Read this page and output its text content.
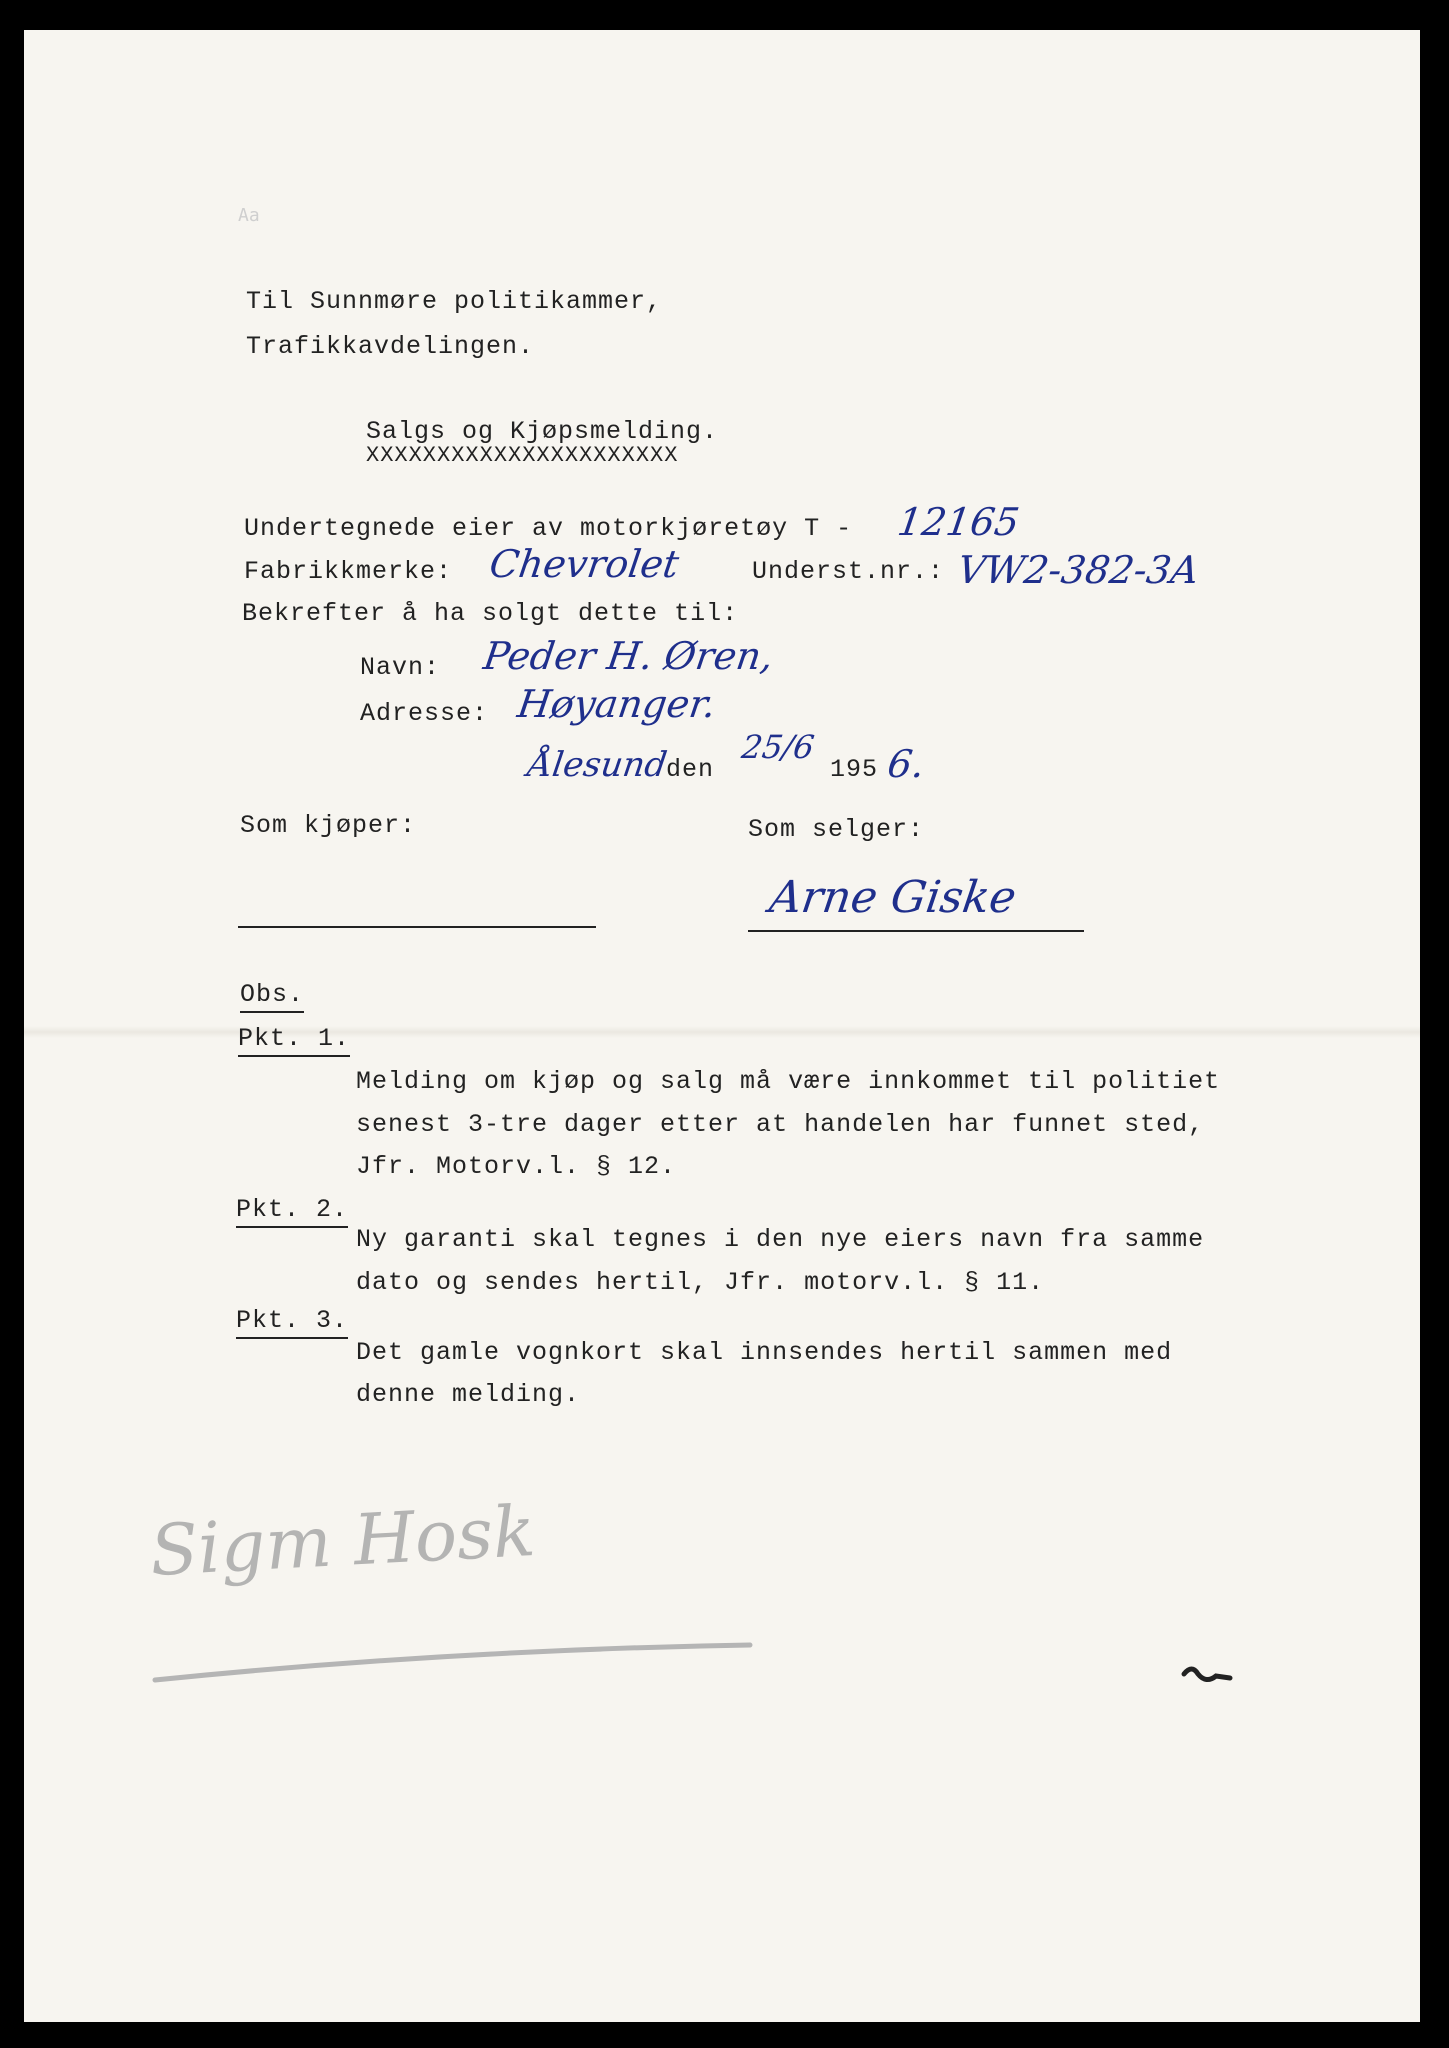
Aa
Til Sunnmøre politikammer,
Trafikkavdelingen.
Salgs og Kjøpsmelding.
XXXXXXXXXXXXXXXXXXXXXX
Undertegnede eier av motorkjøretøy T - 12165
Fabrikkmerke: Chevrolet	Underst.nr.: VW2-382-3A
Bekrefter å ha solgt dette til:
Navn: Peder H. Øren,
Adresse: Høyanger.
Ålesund
den
25/6
195 6.
Som kjøper:	Som selger:
Arne Giske
Obs.
Pkt. 1.
Melding om kjøp og salg må være innkommet til politiet
senest 3-tre dager etter at handelen har funnet sted,
Jfr. Motorv.l. § 12.
Pkt. 2.
Ny garanti skal tegnes i den nye eiers navn fra samme
dato og sendes hertil, Jfr. motorv.l. § 11.
Pkt. 3.
Det gamle vognkort skal innsendes hertil sammen med
denne melding.
Sigm Hosk
